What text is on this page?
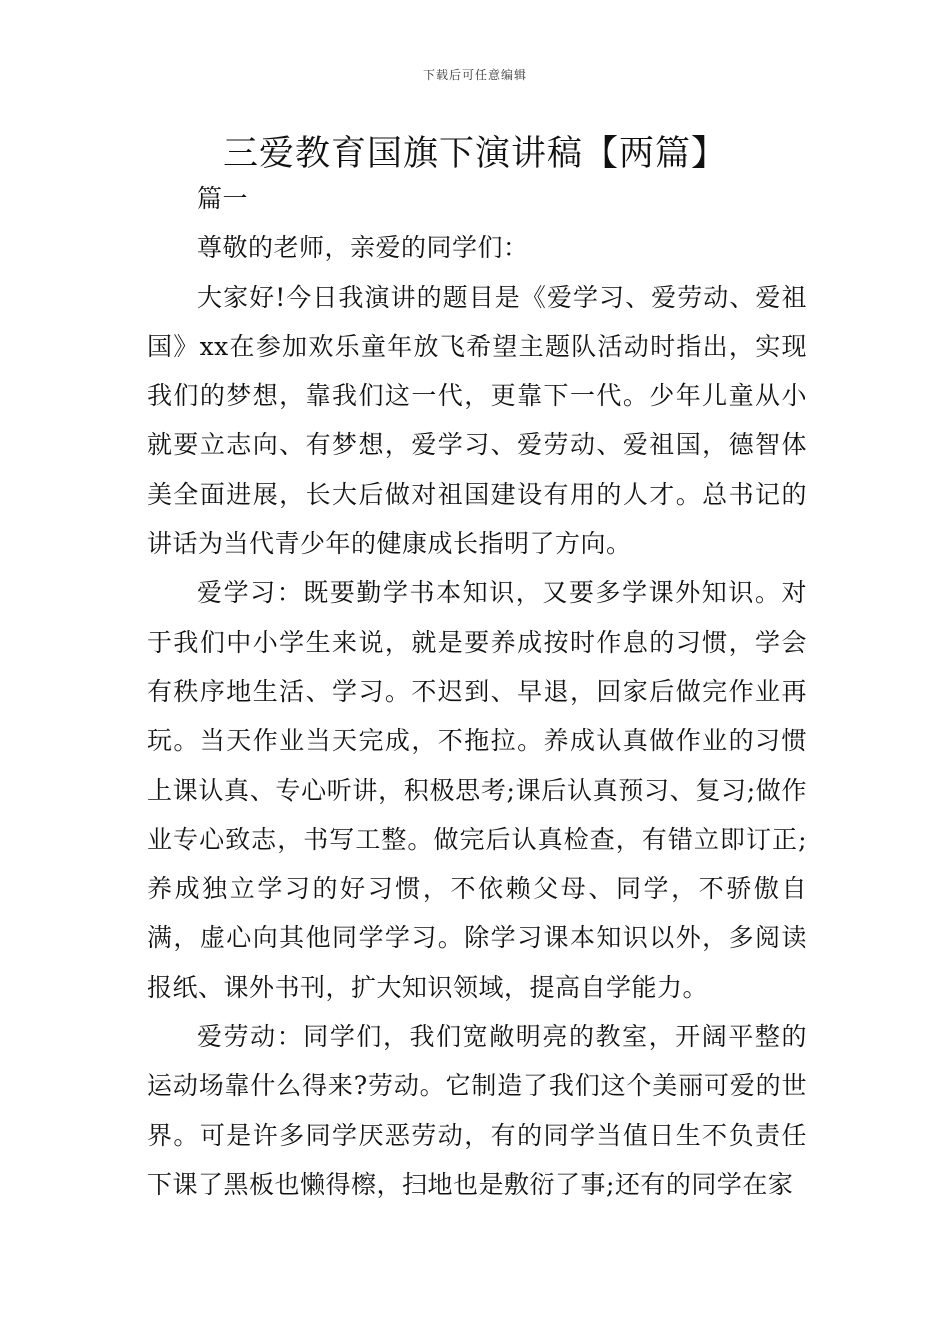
下载后可任意编辑
三爱教育国旗下演讲稿【两篇】

篇一

尊敬的老师，亲爱的同学们：

大家好!今日我演讲的题目是《爱学习、爱劳动、爱祖国》xx在参加欢乐童年放飞希望主题队活动时指出，实现我们的梦想，靠我们这一代，更靠下一代。少年儿童从小就要立志向、有梦想，爱学习、爱劳动、爱祖国，德智体美全面进展，长大后做对祖国建设有用的人才。总书记的讲话为当代青少年的健康成长指明了方向。

爱学习：既要勤学书本知识，又要多学课外知识。对于我们中小学生来说，就是要养成按时作息的习惯，学会有秩序地生活、学习。不迟到、早退，回家后做完作业再玩。当天作业当天完成，不拖拉。养成认真做作业的习惯上课认真、专心听讲，积极思考;课后认真预习、复习;做作业专心致志，书写工整。做完后认真检查，有错立即订正;养成独立学习的好习惯，不依赖父母、同学，不骄傲自满，虚心向其他同学学习。除学习课本知识以外，多阅读报纸、课外书刊，扩大知识领域，提高自学能力。

爱劳动：同学们，我们宽敞明亮的教室，开阔平整的运动场靠什么得来?劳动。它制造了我们这个美丽可爱的世界。可是许多同学厌恶劳动，有的同学当值日生不负责任下课了黑板也懒得檫，扫地也是敷衍了事;还有的同学在家
